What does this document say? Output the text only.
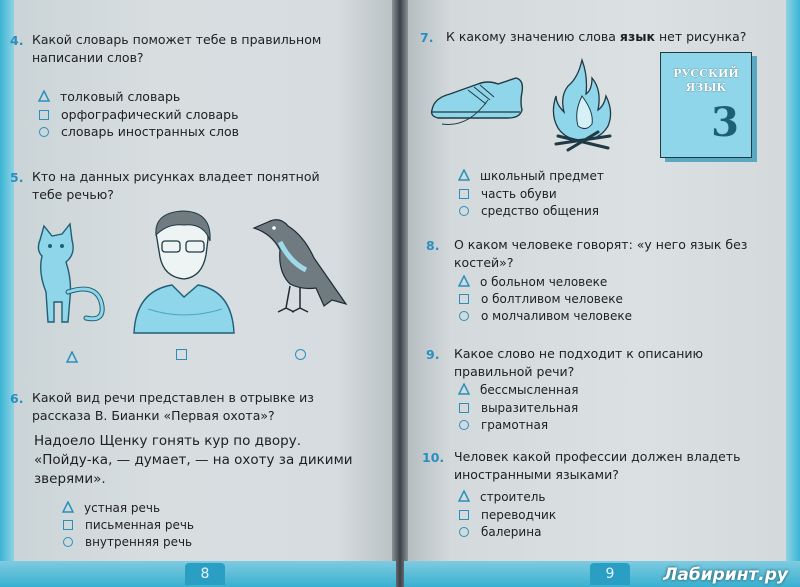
4. Какой словарь поможет тебе в правильном написании слов?
толковый словарь
орфографический словарь
словарь иностранных слов
5. Кто на данных рисунках владеет понятной тебе речью?
6. Какой вид речи представлен в отрывке из рассказа В. Бианки «Первая охота»?
Надоело Щенку гонять кур по двору. «Пойду-ка, — думает, — на охоту за дикими зверями».
устная речь
письменная речь
внутренняя речь
7. К какому значению слова язык нет рисунка?
РУССКИЙ
ЯЗЫК
3
школьный предмет
часть обуви
средство общения
8. О каком человеке говорят: «у него язык без костей»?
о больном человеке
о болтливом человеке
о молчаливом человеке
9. Какое слово не подходит к описанию правильной речи?
бессмысленная
выразительная
грамотная
10. Человек какой профессии должен владеть иностранными языками?
строитель
переводчик
балерина
8	9	Лабиринт.ру
